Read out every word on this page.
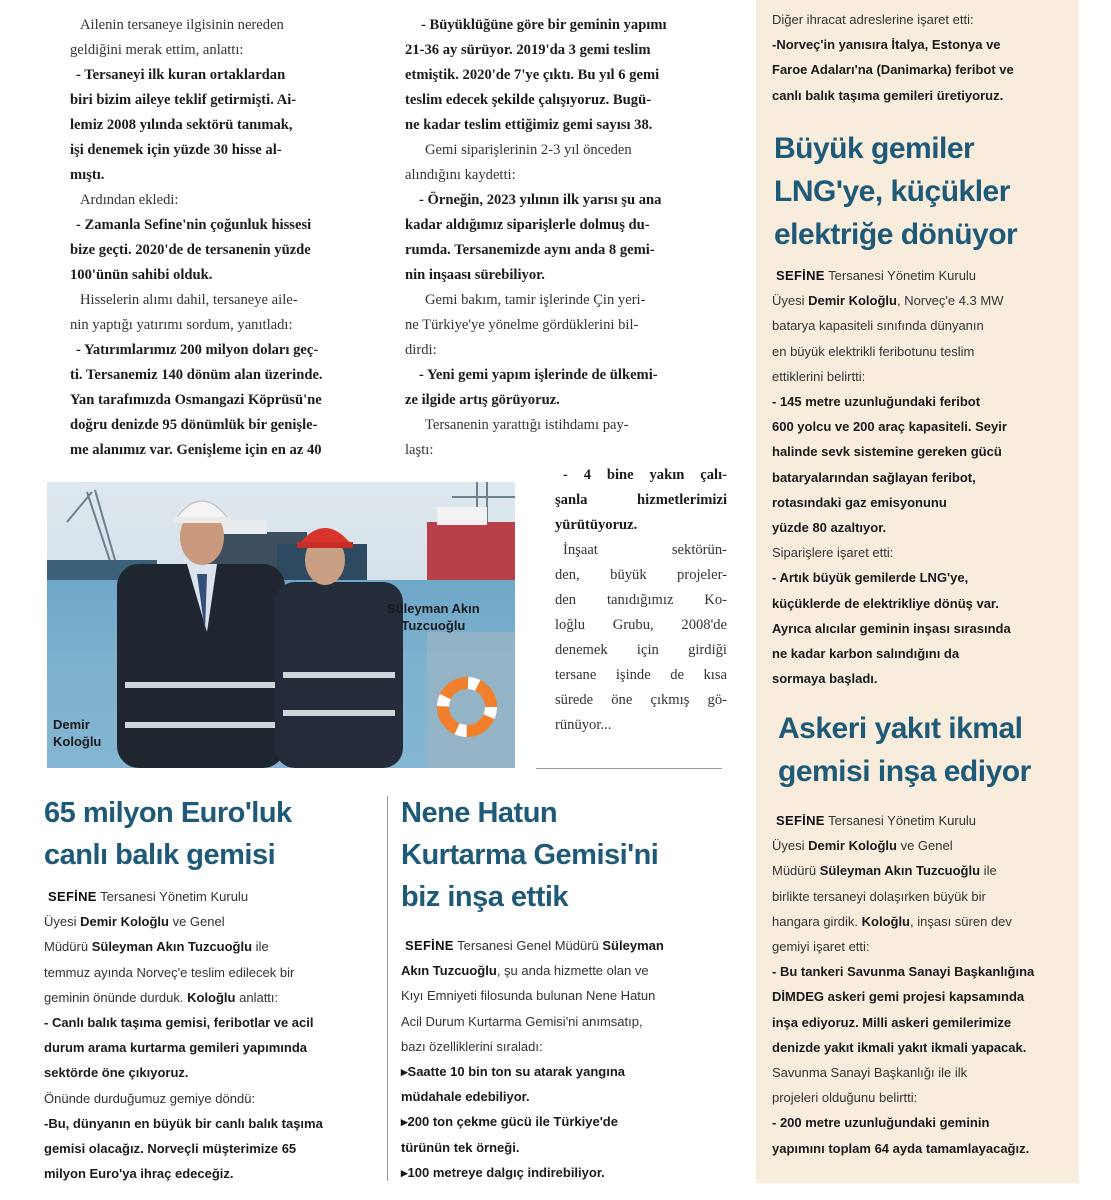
Ailenin tersaneye ilgisinin nereden

geldiğini merak ettim, anlattı:

- Tersaneyi ilk kuran ortaklardan

biri bizim aileye teklif getirmişti. Ai-

lemiz 2008 yılında sektörü tanımak,

işi denemek için yüzde 30 hisse al-

mıştı.

Ardından ekledi:

- Zamanla Sefine'nin çoğunluk hissesi

bize geçti. 2020'de de tersanenin yüzde

100'ünün sahibi olduk.

Hisselerin alımı dahil, tersaneye aile-

nin yaptığı yatırımı sordum, yanıtladı:

- Yatırımlarımız 200 milyon doları geç-

ti. Tersanemiz 140 dönüm alan üzerinde.

Yan tarafımızda Osmangazi Köprüsü'ne

doğru denizde 95 dönümlük bir genişle-

me alanımız var. Genişleme için en az 40

- Büyüklüğüne göre bir geminin yapımı

21-36 ay sürüyor. 2019'da 3 gemi teslim

etmiştik. 2020'de 7'ye çıktı. Bu yıl 6 gemi

teslim edecek şekilde çalışıyoruz. Bugü-

ne kadar teslim ettiğimiz gemi sayısı 38.

Gemi siparişlerinin 2-3 yıl önceden

alındığını kaydetti:

- Örneğin, 2023 yılının ilk yarısı şu ana

kadar aldığımız siparişlerle dolmuş du-

rumda. Tersanemizde aynı anda 8 gemi-

nin inşaası sürebiliyor.

Gemi bakım, tamir işlerinde Çin yeri-

ne Türkiye'ye yönelme gördüklerini bil-

dirdi:

- Yeni gemi yapım işlerinde de ülkemi-

ze ilgide artış görüyoruz.

Tersanenin yarattığı istihdamı pay-

laştı:

- 4 bine yakın çalı-

şanla hizmetlerimizi

yürütüyoruz.

İnşaat sektörün-

den, büyük projeler-

den tanıdığımız Ko-

loğlu Grubu, 2008'de

denemek için girdiği

tersane işinde de kısa

sürede öne çıkmış gö-

rünüyor...

Demir
Koloğlu
Süleyman Akın
Tuzcuoğlu
65 milyon Euro'luk
canlı balık gemisi

SEFİNE Tersanesi Yönetim Kurulu

Üyesi Demir Koloğlu ve Genel

Müdürü Süleyman Akın Tuzcuoğlu ile

temmuz ayında Norveç'e teslim edilecek bir

geminin önünde durduk. Koloğlu anlattı:

- Canlı balık taşıma gemisi, feribotlar ve acil

durum arama kurtarma gemileri yapımında

sektörde öne çıkıyoruz.

Önünde durduğumuz gemiye döndü:

-Bu, dünyanın en büyük bir canlı balık taşıma

gemisi olacağız. Norveçli müşterimize 65

milyon Euro'ya ihraç edeceğiz.

Nene Hatun
Kurtarma Gemisi'ni
biz inşa ettik

SEFİNE Tersanesi Genel Müdürü Süleyman

Akın Tuzcuoğlu, şu anda hizmette olan ve

Kıyı Emniyeti filosunda bulunan Nene Hatun

Acil Durum Kurtarma Gemisi'ni anımsatıp,

bazı özelliklerini sıraladı:

▸Saatte 10 bin ton su atarak yangına

müdahale edebiliyor.

▸200 ton çekme gücü ile Türkiye'de

türünün tek örneği.

▸100 metreye dalgıç indirebiliyor.

Diğer ihracat adreslerine işaret etti:

-Norveç'in yanısıra İtalya, Estonya ve

Faroe Adaları'na (Danimarka) feribot ve

canlı balık taşıma gemileri üretiyoruz.

Büyük gemiler
LNG'ye, küçükler
elektriğe dönüyor

SEFİNE Tersanesi Yönetim Kurulu

Üyesi Demir Koloğlu, Norveç'e 4.3 MW

batarya kapasiteli sınıfında dünyanın

en büyük elektrikli feribotunu teslim

ettiklerini belirtti:

- 145 metre uzunluğundaki feribot

600 yolcu ve 200 araç kapasiteli. Seyir

halinde sevk sistemine gereken gücü

bataryalarından sağlayan feribot,

rotasındaki gaz emisyonunu

yüzde 80 azaltıyor.

Siparişlere işaret etti:

- Artık büyük gemilerde LNG'ye,

küçüklerde de elektrikliye dönüş var.

Ayrıca alıcılar geminin inşası sırasında

ne kadar karbon salındığını da

sormaya başladı.

Askeri yakıt ikmal
gemisi inşa ediyor

SEFİNE Tersanesi Yönetim Kurulu

Üyesi Demir Koloğlu ve Genel

Müdürü Süleyman Akın Tuzcuoğlu ile

birlikte tersaneyi dolaşırken büyük bir

hangara girdik. Koloğlu, inşası süren dev

gemiyi işaret etti:

- Bu tankeri Savunma Sanayi Başkanlığına

DİMDEG askeri gemi projesi kapsamında

inşa ediyoruz. Milli askeri gemilerimize

denizde yakıt ikmali yakıt ikmali yapacak.

Savunma Sanayi Başkanlığı ile ilk

projeleri olduğunu belirtti:

- 200 metre uzunluğundaki geminin

yapımını toplam 64 ayda tamamlayacağız.
